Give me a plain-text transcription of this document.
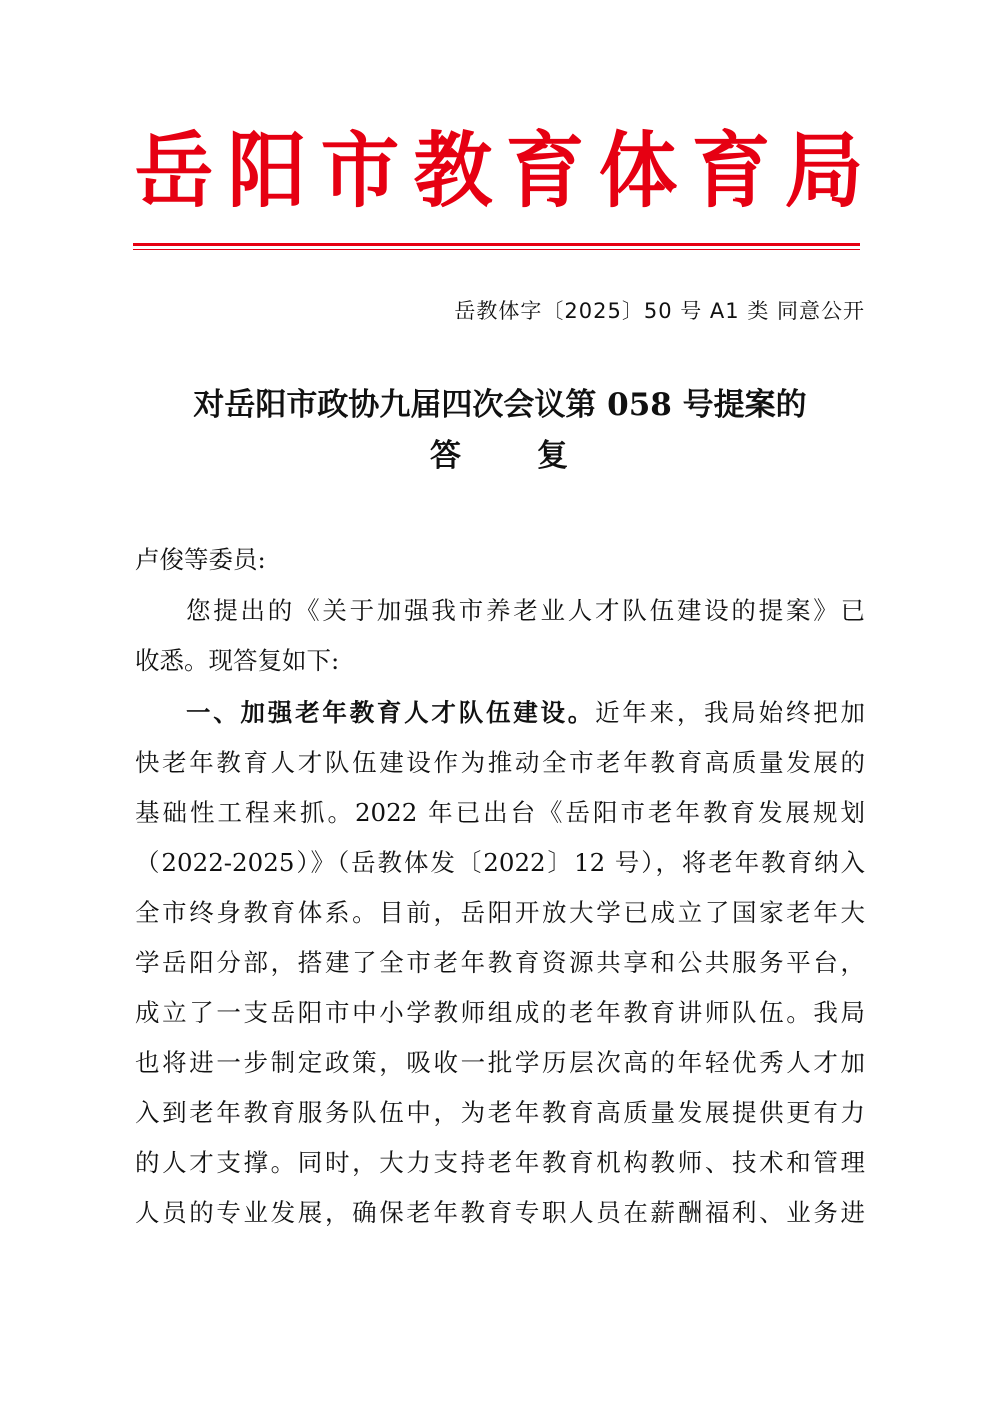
岳 阳 市 教 育 体 育 局
岳教体字〔2025〕50 号 A1 类 同意公开
对岳阳市政协九届四次会议第 058 号提案的
答 复
卢俊等委员:
您提出的《关于加强我市养老业人才队伍建设的提案》已
收悉。现答复如下:
一、加强老年教育人才队伍建设。近年来，我局始终把加
快老年教育人才队伍建设作为推动全市老年教育高质量发展的
基础性工程来抓。2022 年已出台《岳阳市老年教育发展规划
（2022-2025）》（岳教体发〔2022〕12 号），将老年教育纳入
全市终身教育体系。目前，岳阳开放大学已成立了国家老年大
学岳阳分部，搭建了全市老年教育资源共享和公共服务平台，
成立了一支岳阳市中小学教师组成的老年教育讲师队伍。我局
也将进一步制定政策，吸收一批学历层次高的年轻优秀人才加
入到老年教育服务队伍中，为老年教育高质量发展提供更有力
的人才支撑。同时，大力支持老年教育机构教师、技术和管理
人员的专业发展，确保老年教育专职人员在薪酬福利、业务进
